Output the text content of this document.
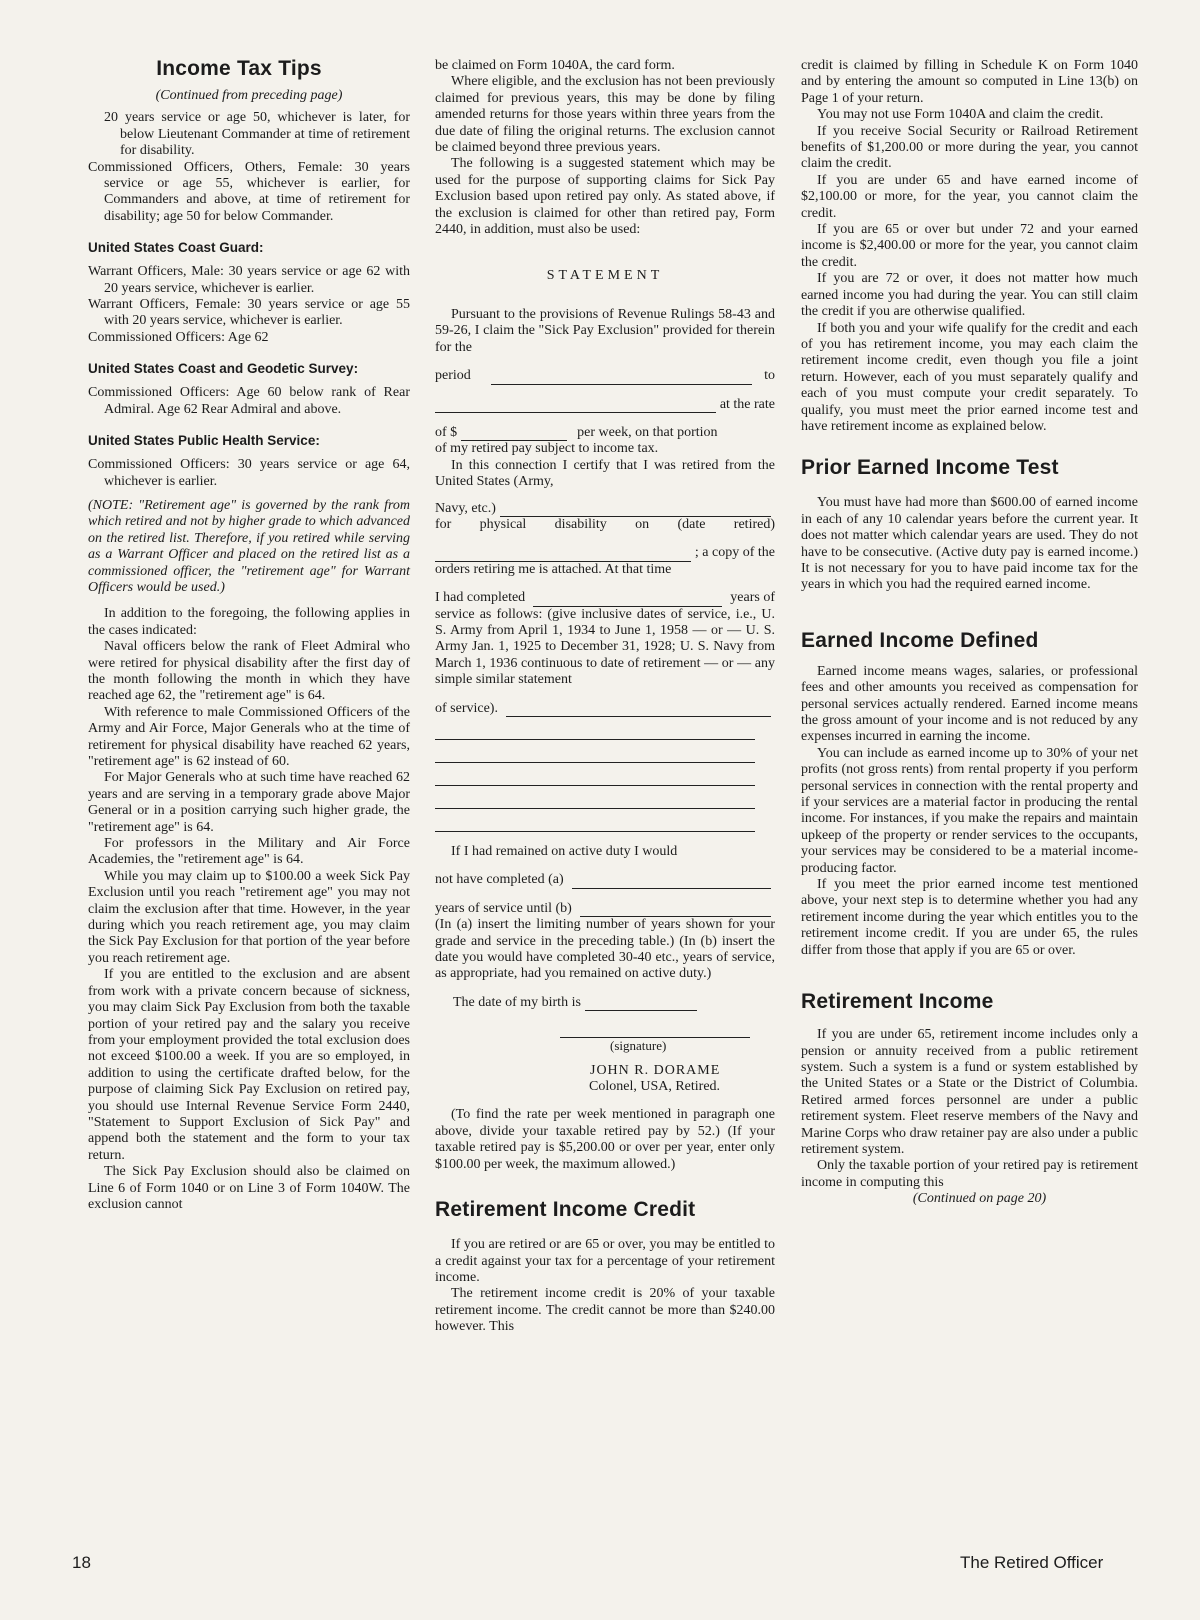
Income Tax Tips

(Continued from preceding page)

20 years service or age 50, whichever is later, for below Lieutenant Commander at time of retirement for disability.

Commissioned Officers, Others, Female: 30 years service or age 55, whichever is earlier, for Commanders and above, at time of retirement for disability; age 50 for below Commander.

United States Coast Guard:

Warrant Officers, Male: 30 years service or age 62 with 20 years service, whichever is earlier.

Warrant Officers, Female: 30 years service or age 55 with 20 years service, whichever is earlier.

Commissioned Officers: Age 62

United States Coast and Geodetic Survey:

Commissioned Officers: Age 60 below rank of Rear Admiral. Age 62 Rear Admiral and above.

United States Public Health Service:

Commissioned Officers: 30 years service or age 64, whichever is earlier.

(NOTE: "Retirement age" is governed by the rank from which retired and not by higher grade to which advanced on the retired list. Therefore, if you retired while serving as a Warrant Officer and placed on the retired list as a commissioned officer, the "retirement age" for Warrant Officers would be used.)

In addition to the foregoing, the following applies in the cases indicated:

Naval officers below the rank of Fleet Admiral who were retired for physical disability after the first day of the month following the month in which they have reached age 62, the "retirement age" is 64.

With reference to male Commissioned Officers of the Army and Air Force, Major Generals who at the time of retirement for physical disability have reached 62 years, "retirement age" is 62 instead of 60.

For Major Generals who at such time have reached 62 years and are serving in a temporary grade above Major General or in a position carrying such higher grade, the "retirement age" is 64.

For professors in the Military and Air Force Academies, the "retirement age" is 64.

While you may claim up to $100.00 a week Sick Pay Exclusion until you reach "retirement age" you may not claim the exclusion after that time. However, in the year during which you reach retirement age, you may claim the Sick Pay Exclusion for that portion of the year before you reach retirement age.

If you are entitled to the exclusion and are absent from work with a private concern because of sickness, you may claim Sick Pay Exclusion from both the taxable portion of your retired pay and the salary you receive from your employment provided the total exclusion does not exceed $100.00 a week. If you are so employed, in addition to using the certificate drafted below, for the purpose of claiming Sick Pay Exclusion on retired pay, you should use Internal Revenue Service Form 2440, "Statement to Support Exclusion of Sick Pay" and append both the statement and the form to your tax return.

The Sick Pay Exclusion should also be claimed on Line 6 of Form 1040 or on Line 3 of Form 1040W. The exclusion cannot

be claimed on Form 1040A, the card form.

Where eligible, and the exclusion has not been previously claimed for previous years, this may be done by filing amended returns for those years within three years from the due date of filing the original returns. The exclusion cannot be claimed beyond three previous years.

The following is a suggested statement which may be used for the purpose of supporting claims for Sick Pay Exclusion based upon retired pay only. As stated above, if the exclusion is claimed for other than retired pay, Form 2440, in addition, must also be used:

STATEMENT

Pursuant to the provisions of Revenue Rulings 58-43 and 59-26, I claim the "Sick Pay Exclusion" provided for therein for the

period	to
at the rate
of $	per week, on that portion

of my retired pay subject to income tax.

In this connection I certify that I was retired from the United States (Army,

Navy, etc.)

for physical disability on (date retired)

; a copy of the

orders retiring me is attached. At that time

I had completed	years of

service as follows: (give inclusive dates of service, i.e., U. S. Army from April 1, 1934 to June 1, 1958 — or — U. S. Army Jan. 1, 1925 to December 31, 1928; U. S. Navy from March 1, 1936 continuous to date of retirement — or — any simple similar statement

of service).

If I had remained on active duty I would

not have completed (a)
years of service until (b)

(In (a) insert the limiting number of years shown for your grade and service in the preceding table.) (In (b) insert the date you would have completed 30-40 etc., years of service, as appropriate, had you remained on active duty.)

The date of my birth is
(signature)
JOHN R. DORAME
Colonel, USA, Retired.

(To find the rate per week mentioned in paragraph one above, divide your taxable retired pay by 52.) (If your taxable retired pay is $5,200.00 or over per year, enter only $100.00 per week, the maximum allowed.)

Retirement Income Credit

If you are retired or are 65 or over, you may be entitled to a credit against your tax for a percentage of your retirement income.

The retirement income credit is 20% of your taxable retirement income. The credit cannot be more than $240.00 however. This

credit is claimed by filling in Schedule K on Form 1040 and by entering the amount so computed in Line 13(b) on Page 1 of your return.

You may not use Form 1040A and claim the credit.

If you receive Social Security or Railroad Retirement benefits of $1,200.00 or more during the year, you cannot claim the credit.

If you are under 65 and have earned income of $2,100.00 or more, for the year, you cannot claim the credit.

If you are 65 or over but under 72 and your earned income is $2,400.00 or more for the year, you cannot claim the credit.

If you are 72 or over, it does not matter how much earned income you had during the year. You can still claim the credit if you are otherwise qualified.

If both you and your wife qualify for the credit and each of you has retirement income, you may each claim the retirement income credit, even though you file a joint return. However, each of you must separately qualify and each of you must compute your credit separately. To qualify, you must meet the prior earned income test and have retirement income as explained below.

Prior Earned Income Test

You must have had more than $600.00 of earned income in each of any 10 calendar years before the current year. It does not matter which calendar years are used. They do not have to be consecutive. (Active duty pay is earned income.) It is not necessary for you to have paid income tax for the years in which you had the required earned income.

Earned Income Defined

Earned income means wages, salaries, or professional fees and other amounts you received as compensation for personal services actually rendered. Earned income means the gross amount of your income and is not reduced by any expenses incurred in earning the income.

You can include as earned income up to 30% of your net profits (not gross rents) from rental property if you perform personal services in connection with the rental property and if your services are a material factor in producing the rental income. For instances, if you make the repairs and maintain upkeep of the property or render services to the occupants, your services may be considered to be a material income-producing factor.

If you meet the prior earned income test mentioned above, your next step is to determine whether you had any retirement income during the year which entitles you to the retirement income credit. If you are under 65, the rules differ from those that apply if you are 65 or over.

Retirement Income

If you are under 65, retirement income includes only a pension or annuity received from a public retirement system. Such a system is a fund or system established by the United States or a State or the District of Columbia. Retired armed forces personnel are under a public retirement system. Fleet reserve members of the Navy and Marine Corps who draw retainer pay are also under a public retirement system.

Only the taxable portion of your retired pay is retirement income in computing this

(Continued on page 20)

18	The Retired Officer
